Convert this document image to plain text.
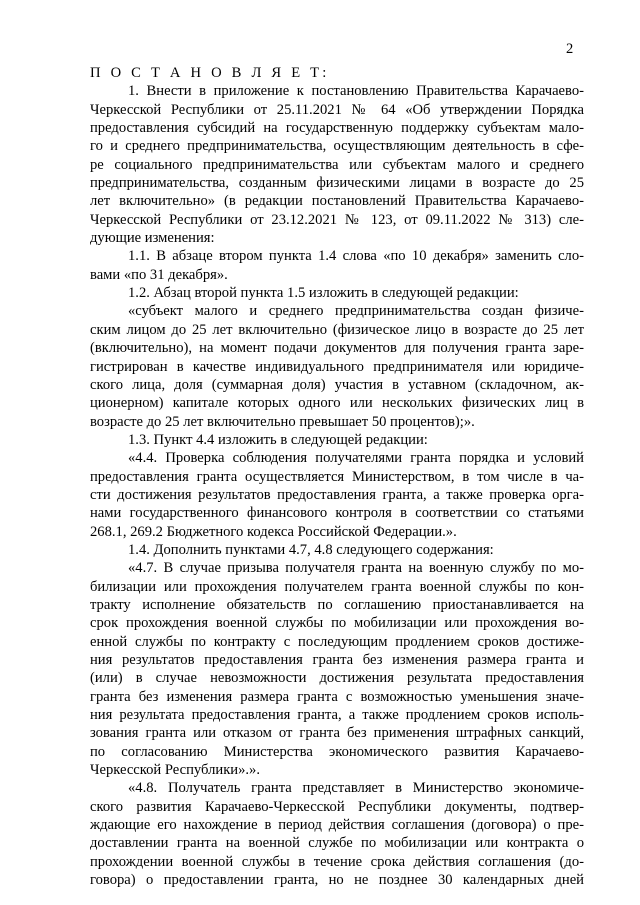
2
П О С Т А Н О В Л Я Е Т:
1. Внести в приложение к постановлению Правительства Карачаево-
Черкесской Республики от 25.11.2021 № 64 «Об утверждении Порядка
предоставления субсидий на государственную поддержку субъектам мало-
го и среднего предпринимательства, осуществляющим деятельность в сфе-
ре социального предпринимательства или субъектам малого и среднего
предпринимательства, созданным физическими лицами в возрасте до 25
лет включительно» (в редакции постановлений Правительства Карачаево-
Черкесской Республики от 23.12.2021 № 123, от 09.11.2022 № 313) сле-
дующие изменения:
1.1. В абзаце втором пункта 1.4 слова «по 10 декабря» заменить сло-
вами «по 31 декабря».
1.2. Абзац второй пункта 1.5 изложить в следующей редакции:
«субъект малого и среднего предпринимательства создан физиче-
ским лицом до 25 лет включительно (физическое лицо в возрасте до 25 лет
(включительно), на момент подачи документов для получения гранта заре-
гистрирован в качестве индивидуального предпринимателя или юридиче-
ского лица, доля (суммарная доля) участия в уставном (складочном, ак-
ционерном) капитале которых одного или нескольких физических лиц в
возрасте до 25 лет включительно превышает 50 процентов);».
1.3. Пункт 4.4 изложить в следующей редакции:
«4.4. Проверка соблюдения получателями гранта порядка и условий
предоставления гранта осуществляется Министерством, в том числе в ча-
сти достижения результатов предоставления гранта, а также проверка орга-
нами государственного финансового контроля в соответствии со статьями
268.1, 269.2 Бюджетного кодекса Российской Федерации.».
1.4. Дополнить пунктами 4.7, 4.8 следующего содержания:
«4.7. В случае призыва получателя гранта на военную службу по мо-
билизации или прохождения получателем гранта военной службы по кон-
тракту исполнение обязательств по соглашению приостанавливается на
срок прохождения военной службы по мобилизации или прохождения во-
енной службы по контракту с последующим продлением сроков достиже-
ния результатов предоставления гранта без изменения размера гранта и
(или) в случае невозможности достижения результата предоставления
гранта без изменения размера гранта с возможностью уменьшения значе-
ния результата предоставления гранта, а также продлением сроков исполь-
зования гранта или отказом от гранта без применения штрафных санкций,
по согласованию Министерства экономического развития Карачаево-
Черкесской Республики».».
«4.8. Получатель гранта представляет в Министерство экономиче-
ского развития Карачаево-Черкесской Республики документы, подтвер-
ждающие его нахождение в период действия соглашения (договора) о пре-
доставлении гранта на военной службе по мобилизации или контракта о
прохождении военной службы в течение срока действия соглашения (до-
говора) о предоставлении гранта, но не позднее 30 календарных дней
